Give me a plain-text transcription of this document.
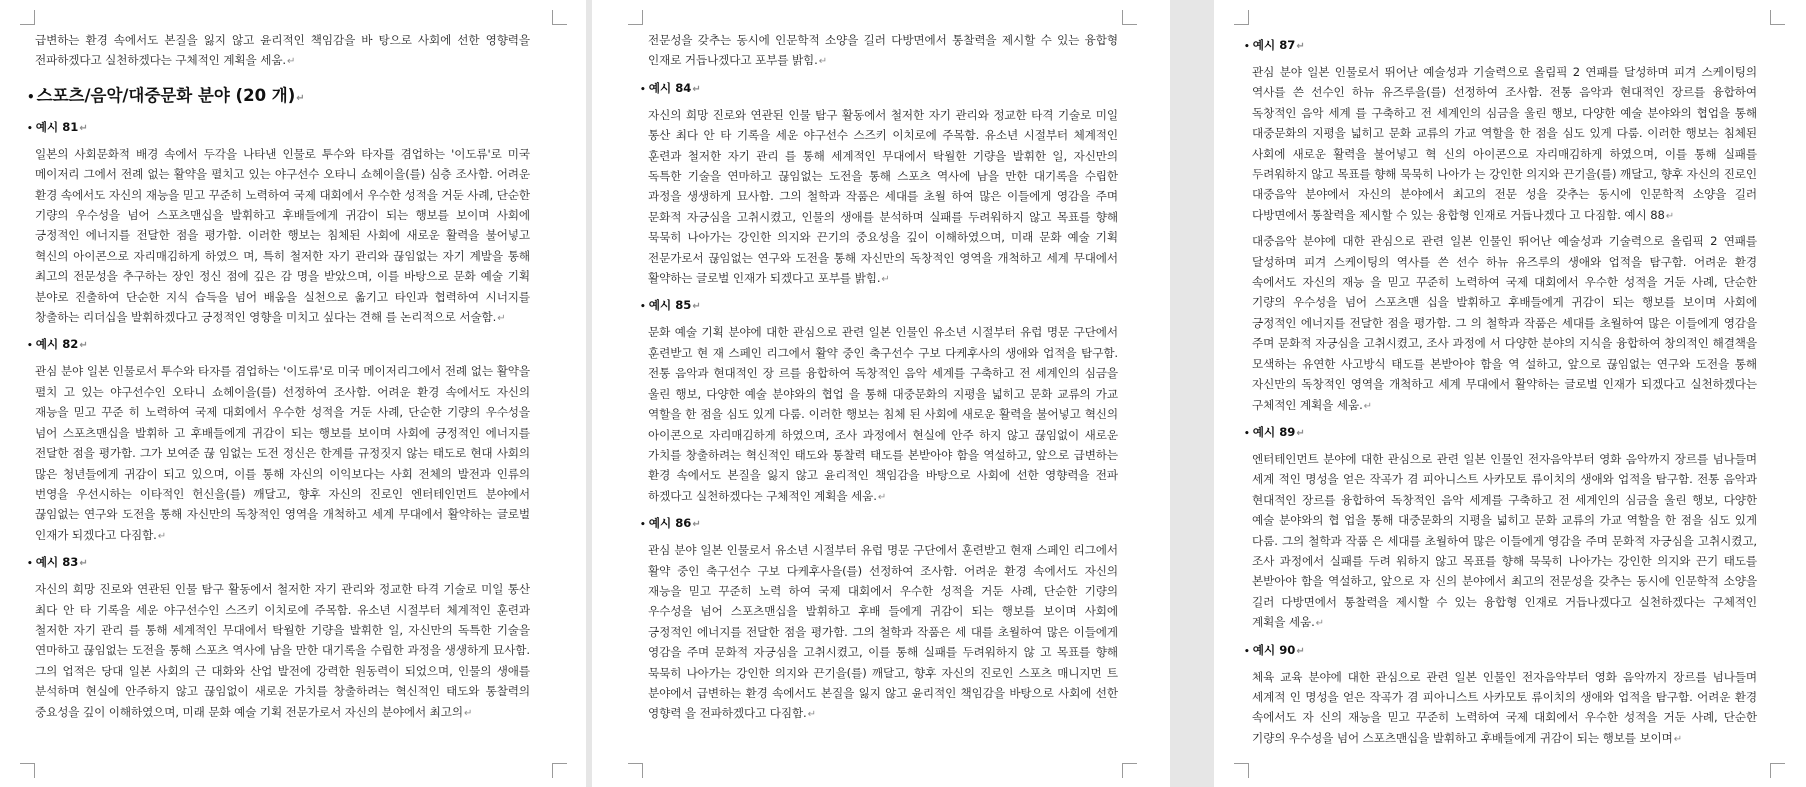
급변하는 환경 속에서도 본질을 잃지 않고 윤리적인 책임감을 바 탕으로 사회에 선한 영향력을 전파하겠다고 실천하겠다는 구체적인 계획을 세움.↵

• 스포츠/음악/대중문화 분야 (20 개)↵
• 예시 81↵

일본의 사회문화적 배경 속에서 두각을 나타낸 인물로 투수와 타자를 겸업하는 '이도류'로 미국 메이저리 그에서 전례 없는 활약을 펼치고 있는 야구선수 오타니 쇼헤이을(를) 심층 조사함. 어려운 환경 속에서도 자신의 재능을 믿고 꾸준히 노력하여 국제 대회에서 우수한 성적을 거둔 사례, 단순한 기량의 우수성을 넘어 스포츠맨십을 발휘하고 후배들에게 귀감이 되는 행보를 보이며 사회에 긍정적인 에너지를 전달한 점을 평가함. 이러한 행보는 침체된 사회에 새로운 활력을 불어넣고 혁신의 아이콘으로 자리매김하게 하였으 며, 특히 철저한 자기 관리와 끊임없는 자기 계발을 통해 최고의 전문성을 추구하는 장인 정신 점에 깊은 감 명을 받았으며, 이를 바탕으로 문화 예술 기획 분야로 진출하여 단순한 지식 습득을 넘어 배움을 실천으로 옮기고 타인과 협력하여 시너지를 창출하는 리더십을 발휘하겠다고 긍정적인 영향을 미치고 싶다는 견해 를 논리적으로 서술함.↵

• 예시 82↵

관심 분야 일본 인물로서 투수와 타자를 겸업하는 '이도류'로 미국 메이저리그에서 전례 없는 활약을 펼치 고 있는 야구선수인 오타니 쇼헤이을(를) 선정하여 조사함. 어려운 환경 속에서도 자신의 재능을 믿고 꾸준 히 노력하여 국제 대회에서 우수한 성적을 거둔 사례, 단순한 기량의 우수성을 넘어 스포츠맨십을 발휘하 고 후배들에게 귀감이 되는 행보를 보이며 사회에 긍정적인 에너지를 전달한 점을 평가함. 그가 보여준 끊 임없는 도전 정신은 한계를 규정짓지 않는 태도로 현대 사회의 많은 청년들에게 귀감이 되고 있으며, 이를 통해 자신의 이익보다는 사회 전체의 발전과 인류의 번영을 우선시하는 이타적인 헌신을(를) 깨달고, 향후 자신의 진로인 엔터테인먼트 분야에서 끊임없는 연구와 도전을 통해 자신만의 독창적인 영역을 개척하고 세계 무대에서 활약하는 글로벌 인재가 되겠다고 다짐함.↵

• 예시 83↵

자신의 희망 진로와 연관된 인물 탐구 활동에서 철저한 자기 관리와 정교한 타격 기술로 미일 통산 최다 안 타 기록을 세운 야구선수인 스즈키 이치로에 주목함. 유소년 시절부터 체계적인 훈련과 철저한 자기 관리 를 통해 세계적인 무대에서 탁월한 기량을 발휘한 일, 자신만의 독특한 기술을 연마하고 끊임없는 도전을 통해 스포츠 역사에 남을 만한 대기록을 수립한 과정을 생생하게 묘사함. 그의 업적은 당대 일본 사회의 근 대화와 산업 발전에 강력한 원동력이 되었으며, 인물의 생애를 분석하며 현실에 안주하지 않고 끊임없이 새로운 가치를 창출하려는 혁신적인 태도와 통찰력의 중요성을 깊이 이해하였으며, 미래 문화 예술 기획 전문가로서 자신의 분야에서 최고의↵

전문성을 갖추는 동시에 인문학적 소양을 길러 다방면에서 통찰력을 제시할 수 있는 융합형 인재로 거듭나겠다고 포부를 밝힘.↵

• 예시 84↵

자신의 희망 진로와 연관된 인물 탐구 활동에서 철저한 자기 관리와 정교한 타격 기술로 미일 통산 최다 안 타 기록을 세운 야구선수 스즈키 이치로에 주목함. 유소년 시절부터 체계적인 훈련과 철저한 자기 관리 를 통해 세계적인 무대에서 탁월한 기량을 발휘한 일, 자신만의 독특한 기술을 연마하고 끊임없는 도전을 통해 스포츠 역사에 남을 만한 대기록을 수립한 과정을 생생하게 묘사함. 그의 철학과 작품은 세대를 초월 하여 많은 이들에게 영감을 주며 문화적 자긍심을 고취시켰고, 인물의 생애를 분석하며 실패를 두려워하지 않고 목표를 향해 묵묵히 나아가는 강인한 의지와 끈기의 중요성을 깊이 이해하였으며, 미래 문화 예술 기획 전문가로서 끊임없는 연구와 도전을 통해 자신만의 독창적인 영역을 개척하고 세계 무대에서 활약하는 글로벌 인재가 되겠다고 포부를 밝힘.↵

• 예시 85↵

문화 예술 기획 분야에 대한 관심으로 관련 일본 인물인 유소년 시절부터 유럽 명문 구단에서 훈련받고 현 재 스페인 리그에서 활약 중인 축구선수 구보 다케후사의 생애와 업적을 탐구함. 전통 음악과 현대적인 장 르를 융합하여 독창적인 음악 세계를 구축하고 전 세계인의 심금을 울린 행보, 다양한 예술 분야와의 협업 을 통해 대중문화의 지평을 넓히고 문화 교류의 가교 역할을 한 점을 심도 있게 다룸. 이러한 행보는 침체 된 사회에 새로운 활력을 불어넣고 혁신의 아이콘으로 자리매김하게 하였으며, 조사 과정에서 현실에 안주 하지 않고 끊임없이 새로운 가치를 창출하려는 혁신적인 태도와 통찰력 태도를 본받아야 함을 역설하고, 앞으로 급변하는 환경 속에서도 본질을 잃지 않고 윤리적인 책임감을 바탕으로 사회에 선한 영향력을 전파 하겠다고 실천하겠다는 구체적인 계획을 세움.↵

• 예시 86↵

관심 분야 일본 인물로서 유소년 시절부터 유럽 명문 구단에서 훈련받고 현재 스페인 리그에서 활약 중인 축구선수 구보 다케후사을(를) 선정하여 조사함. 어려운 환경 속에서도 자신의 재능을 믿고 꾸준히 노력 하여 국제 대회에서 우수한 성적을 거둔 사례, 단순한 기량의 우수성을 넘어 스포츠맨십을 발휘하고 후배 들에게 귀감이 되는 행보를 보이며 사회에 긍정적인 에너지를 전달한 점을 평가함. 그의 철학과 작품은 세 대를 초월하여 많은 이들에게 영감을 주며 문화적 자긍심을 고취시켰고, 이를 통해 실패를 두려워하지 않 고 목표를 향해 묵묵히 나아가는 강인한 의지와 끈기을(를) 깨달고, 향후 자신의 진로인 스포츠 매니지먼 트 분야에서 급변하는 환경 속에서도 본질을 잃지 않고 윤리적인 책임감을 바탕으로 사회에 선한 영향력 을 전파하겠다고 다짐함.↵

• 예시 87↵

관심 분야 일본 인물로서 뛰어난 예술성과 기술력으로 올림픽 2 연패를 달성하며 피겨 스케이팅의 역사를 쓴 선수인 하뉴 유즈루을(를) 선정하여 조사함. 전통 음악과 현대적인 장르를 융합하여 독창적인 음악 세계 를 구축하고 전 세계인의 심금을 울린 행보, 다양한 예술 분야와의 협업을 통해 대중문화의 지평을 넓히고 문화 교류의 가교 역할을 한 점을 심도 있게 다룸. 이러한 행보는 침체된 사회에 새로운 활력을 불어넣고 혁 신의 아이콘으로 자리매김하게 하였으며, 이를 통해 실패를 두려워하지 않고 목표를 향해 묵묵히 나아가 는 강인한 의지와 끈기을(를) 깨달고, 향후 자신의 진로인 대중음악 분야에서 자신의 분야에서 최고의 전문 성을 갖추는 동시에 인문학적 소양을 길러 다방면에서 통찰력을 제시할 수 있는 융합형 인재로 거듭나겠다 고 다짐함. 예시 88↵

대중음악 분야에 대한 관심으로 관련 일본 인물인 뛰어난 예술성과 기술력으로 올림픽 2 연패를 달성하며 피겨 스케이팅의 역사를 쓴 선수 하뉴 유즈루의 생애와 업적을 탐구함. 어려운 환경 속에서도 자신의 재능 을 믿고 꾸준히 노력하여 국제 대회에서 우수한 성적을 거둔 사례, 단순한 기량의 우수성을 넘어 스포츠맨 십을 발휘하고 후배들에게 귀감이 되는 행보를 보이며 사회에 긍정적인 에너지를 전달한 점을 평가함. 그 의 철학과 작품은 세대를 초월하여 많은 이들에게 영감을 주며 문화적 자긍심을 고취시켰고, 조사 과정에 서 다양한 분야의 지식을 융합하여 창의적인 해결책을 모색하는 유연한 사고방식 태도를 본받아야 함을 역 설하고, 앞으로 끊임없는 연구와 도전을 통해 자신만의 독창적인 영역을 개척하고 세계 무대에서 활약하는 글로벌 인재가 되겠다고 실천하겠다는 구체적인 계획을 세움.↵

• 예시 89↵

엔터테인먼트 분야에 대한 관심으로 관련 일본 인물인 전자음악부터 영화 음악까지 장르를 넘나들며 세계 적인 명성을 얻은 작곡가 겸 피아니스트 사카모토 류이치의 생애와 업적을 탐구함. 전통 음악과 현대적인 장르를 융합하여 독창적인 음악 세계를 구축하고 전 세계인의 심금을 울린 행보, 다양한 예술 분야와의 협 업을 통해 대중문화의 지평을 넓히고 문화 교류의 가교 역할을 한 점을 심도 있게 다룸. 그의 철학과 작품 은 세대를 초월하여 많은 이들에게 영감을 주며 문화적 자긍심을 고취시켰고, 조사 과정에서 실패를 두려 워하지 않고 목표를 향해 묵묵히 나아가는 강인한 의지와 끈기 태도를 본받아야 함을 역설하고, 앞으로 자 신의 분야에서 최고의 전문성을 갖추는 동시에 인문학적 소양을 길러 다방면에서 통찰력을 제시할 수 있는 융합형 인재로 거듭나겠다고 실천하겠다는 구체적인 계획을 세움.↵

• 예시 90↵

체육 교육 분야에 대한 관심으로 관련 일본 인물인 전자음악부터 영화 음악까지 장르를 넘나들며 세계적 인 명성을 얻은 작곡가 겸 피아니스트 사카모토 류이치의 생애와 업적을 탐구함. 어려운 환경 속에서도 자 신의 재능을 믿고 꾸준히 노력하여 국제 대회에서 우수한 성적을 거둔 사례, 단순한 기량의 우수성을 넘어 스포츠맨십을 발휘하고 후배들에게 귀감이 되는 행보를 보이며↵
